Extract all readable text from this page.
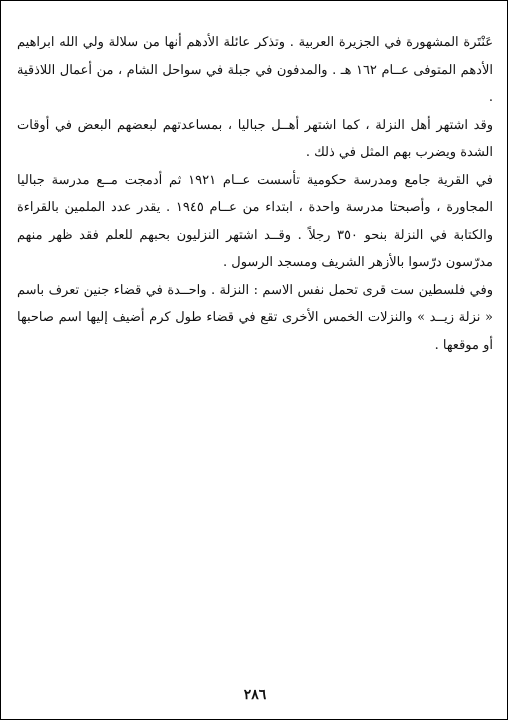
عَنْتَرة المشهورة في الجزيرة العربية . وتذكر عائلة الأدهم أنها من سلالة ولي الله ابراهيم الأدهم المتوفى عــام ١٦٢ هـ . والمدفون في جبلة في سواحل الشام ، من أعمال اللاذقية .

وقد اشتهر أهل النزلة ، كما اشتهر أهــل جباليا ، بمساعدتهم لبعضهم البعض في أوقات الشدة ويضرب بهم المثل في ذلك .

في القرية جامع ومدرسة حكومية تأسست عــام ١٩٢١ ثم أدمجت مــع مدرسة جباليا المجاورة ، وأصبحتا مدرسة واحدة ، ابتداء من عــام ١٩٤٥ . يقدر عدد الملمين بالقراءة والكتابة في النزلة بنحو ٣٥٠ رجلاً . وقــد اشتهر النزليون بحبهم للعلم فقد ظهر منهم مدرّسون درّسوا بالأزهر الشريف ومسجد الرسول .

وفي فلسطين ست قرى تحمل نفس الاسم : النزلة . واحــدة في قضاء جنين تعرف باسم « نزلة زيــد » والنزلات الخمس الأخرى تقع في قضاء طول كرم أضيف إليها اسم صاحبها أو موقعها .

٢٨٦
